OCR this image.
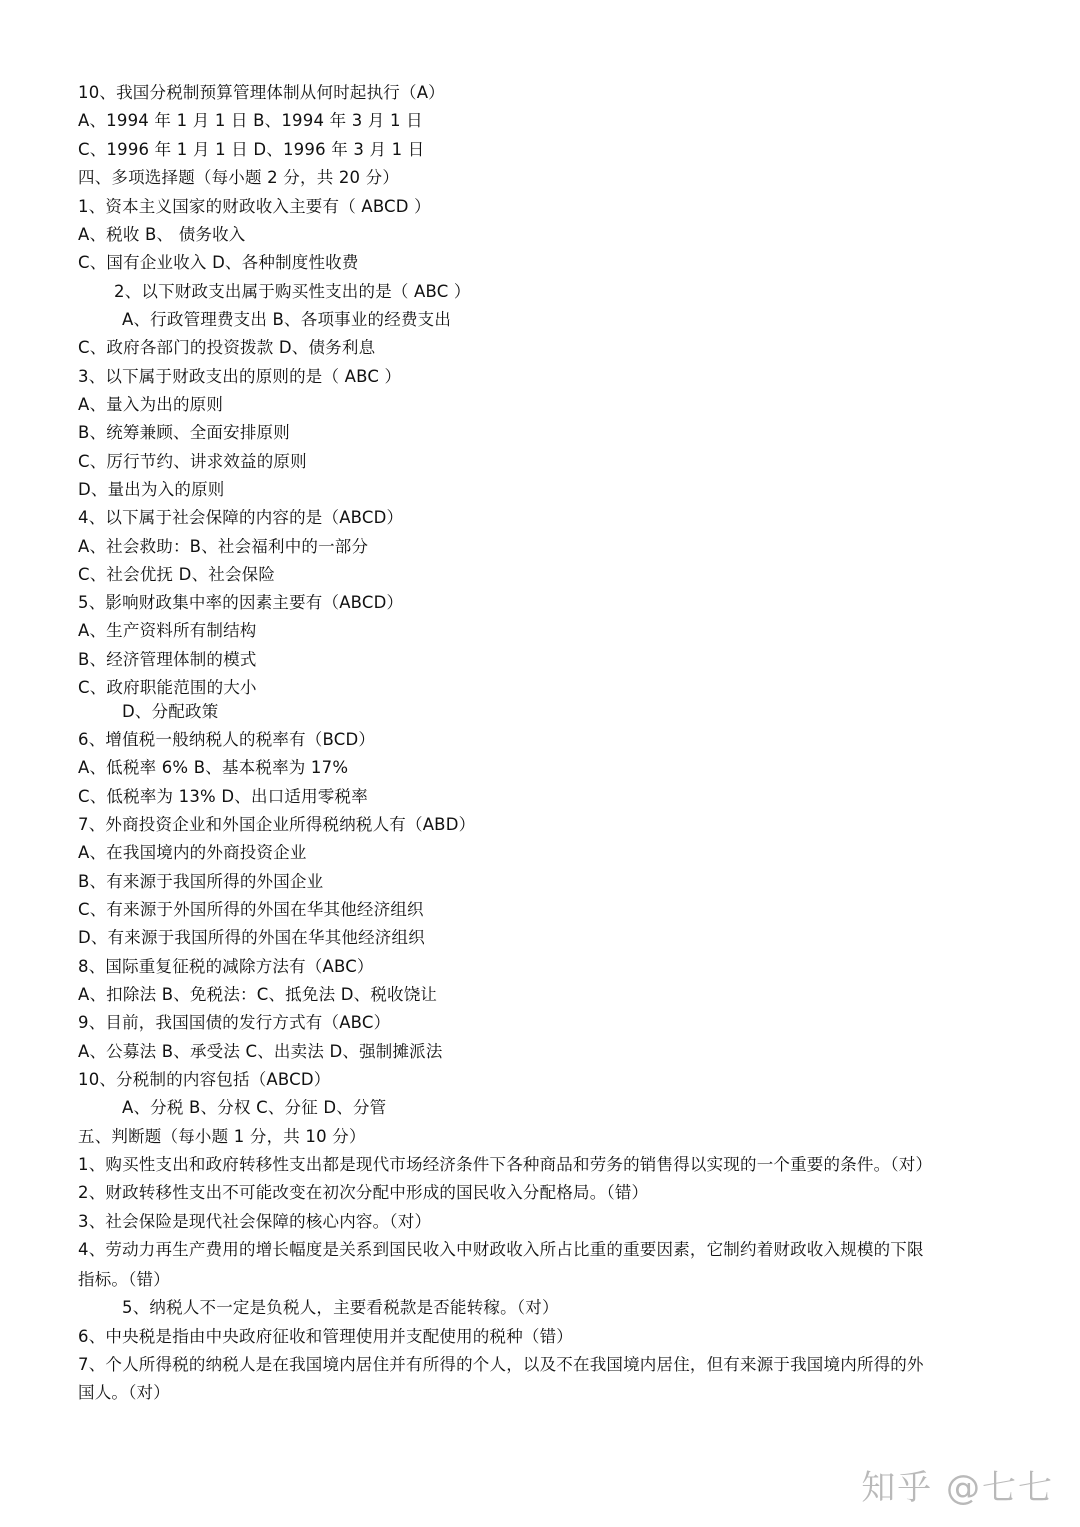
10、我国分税制预算管理体制从何时起执行（A）
A、1994 年 1 月 1 日 B、1994 年 3 月 1 日
C、1996 年 1 月 1 日 D、1996 年 3 月 1 日
四、多项选择题（每小题 2 分，共 20 分）
1、资本主义国家的财政收入主要有（ ABCD ）
A、税收 B、 债务收入
C、国有企业收入 D、各种制度性收费
2、以下财政支出属于购买性支出的是（ ABC ）
A、行政管理费支出 B、各项事业的经费支出
C、政府各部门的投资拨款 D、债务利息
3、以下属于财政支出的原则的是（ ABC ）
A、量入为出的原则
B、统筹兼顾、全面安排原则
C、厉行节约、讲求效益的原则
D、量出为入的原则
4、以下属于社会保障的内容的是（ABCD）
A、社会救助：B、社会福利中的一部分
C、社会优抚 D、社会保险
5、影响财政集中率的因素主要有（ABCD）
A、生产资料所有制结构
B、经济管理体制的模式
C、政府职能范围的大小
D、分配政策
6、增值税一般纳税人的税率有（BCD）
A、低税率 6% B、基本税率为 17%
C、低税率为 13% D、出口适用零税率
7、外商投资企业和外国企业所得税纳税人有（ABD）
A、在我国境内的外商投资企业
B、有来源于我国所得的外国企业
C、有来源于外国所得的外国在华其他经济组织
D、有来源于我国所得的外国在华其他经济组织
8、国际重复征税的减除方法有（ABC）
A、扣除法 B、免税法：C、抵免法 D、税收饶让
9、目前，我国国债的发行方式有（ABC）
A、公募法 B、承受法 C、出卖法 D、强制摊派法
10、分税制的内容包括（ABCD）
A、分税 B、分权 C、分征 D、分管
五、判断题（每小题 1 分，共 10 分）
1、购买性支出和政府转移性支出都是现代市场经济条件下各种商品和劳务的销售得以实现的一个重要的条件。（对）
2、财政转移性支出不可能改变在初次分配中形成的国民收入分配格局。（错）
3、社会保险是现代社会保障的核心内容。（对）
4、劳动力再生产费用的增长幅度是关系到国民收入中财政收入所占比重的重要因素，它制约着财政收入规模的下限
指标。（错）
5、纳税人不一定是负税人，主要看税款是否能转稼。（对）
6、中央税是指由中央政府征收和管理使用并支配使用的税种（错）
7、个人所得税的纳税人是在我国境内居住并有所得的个人，以及不在我国境内居住，但有来源于我国境内所得的外
国人。（对）
知乎 @七七
